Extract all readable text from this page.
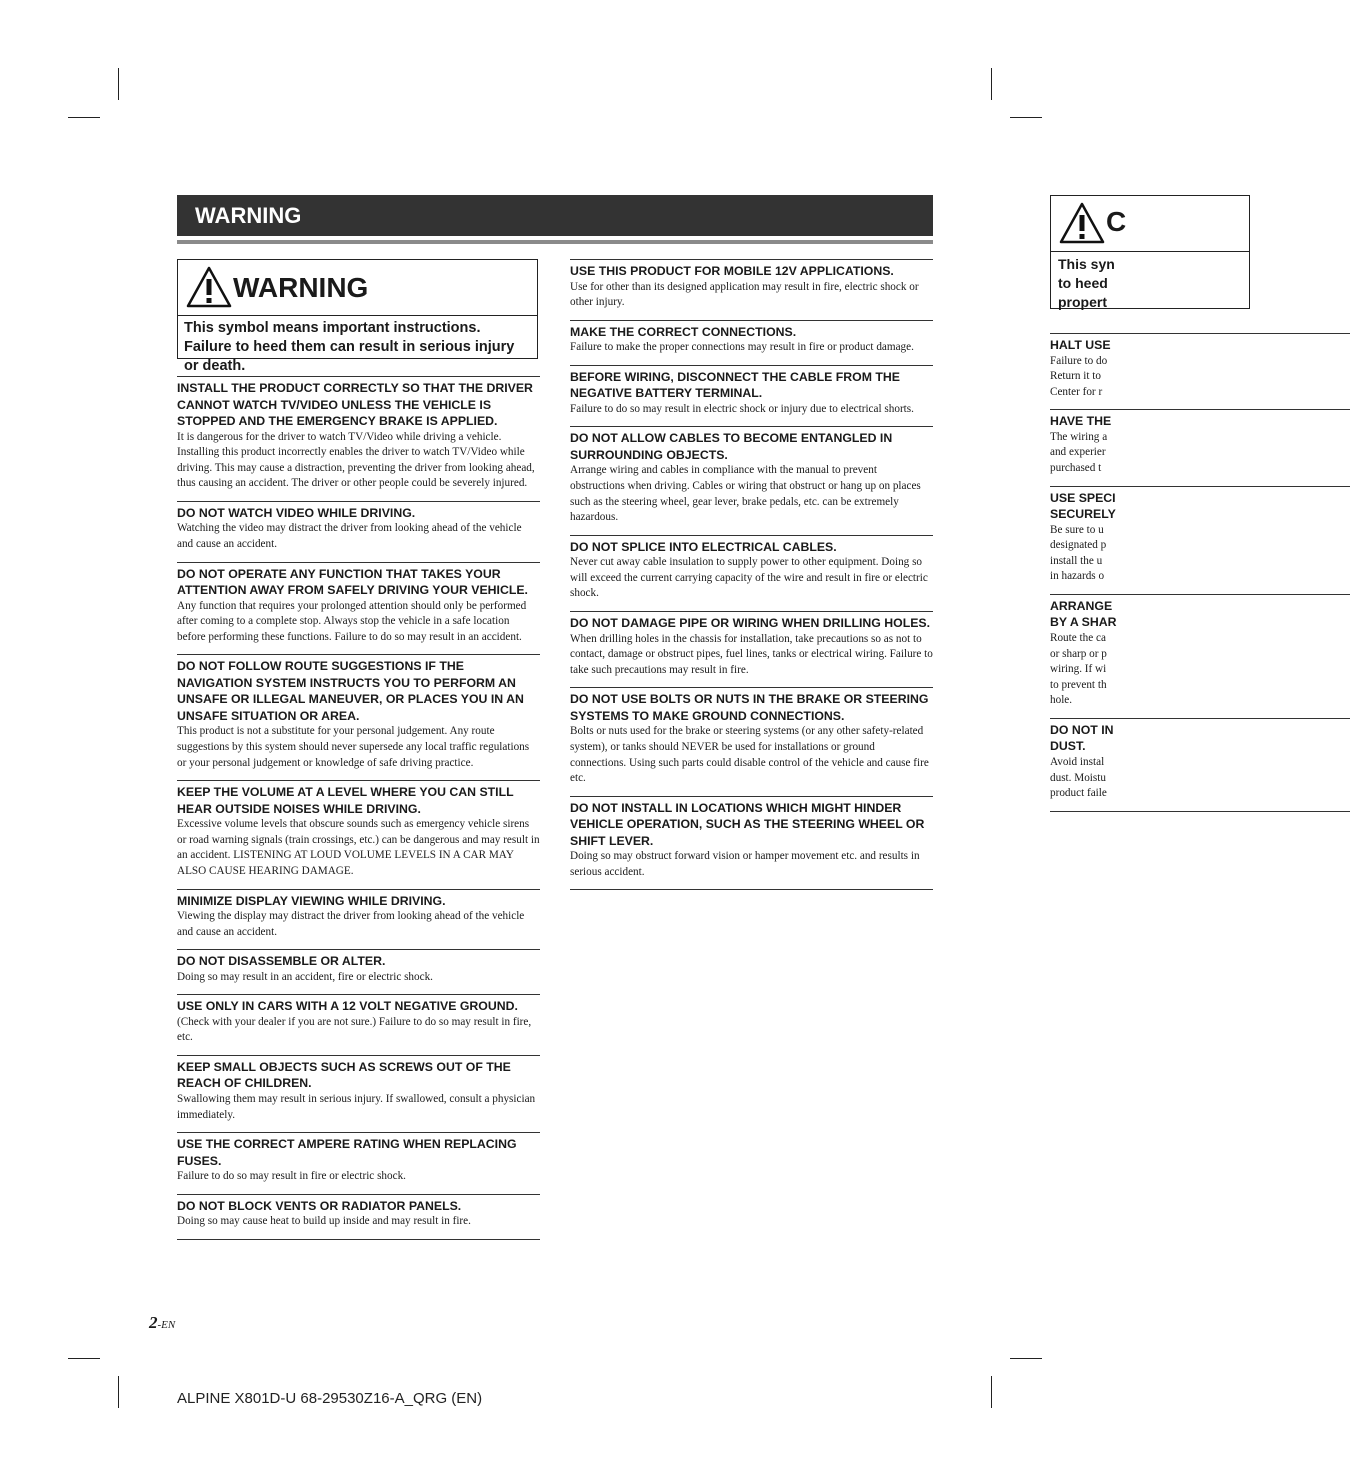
WARNING
WARNING
This symbol means important instructions. Failure to heed them can result in serious injury or death.
INSTALL THE PRODUCT CORRECTLY SO THAT THE DRIVER CANNOT WATCH TV/VIDEO UNLESS THE VEHICLE IS STOPPED AND THE EMERGENCY BRAKE IS APPLIED.

It is dangerous for the driver to watch TV/Video while driving a vehicle. Installing this product incorrectly enables the driver to watch TV/Video while driving. This may cause a distraction, preventing the driver from looking ahead, thus causing an accident. The driver or other people could be severely injured.

DO NOT WATCH VIDEO WHILE DRIVING.

Watching the video may distract the driver from looking ahead of the vehicle and cause an accident.

DO NOT OPERATE ANY FUNCTION THAT TAKES YOUR ATTENTION AWAY FROM SAFELY DRIVING YOUR VEHICLE.

Any function that requires your prolonged attention should only be performed after coming to a complete stop. Always stop the vehicle in a safe location before performing these functions. Failure to do so may result in an accident.

DO NOT FOLLOW ROUTE SUGGESTIONS IF THE NAVIGATION SYSTEM INSTRUCTS YOU TO PERFORM AN UNSAFE OR ILLEGAL MANEUVER, OR PLACES YOU IN AN UNSAFE SITUATION OR AREA.

This product is not a substitute for your personal judgement. Any route suggestions by this system should never supersede any local traffic regulations or your personal judgement or knowledge of safe driving practice.

KEEP THE VOLUME AT A LEVEL WHERE YOU CAN STILL HEAR OUTSIDE NOISES WHILE DRIVING.

Excessive volume levels that obscure sounds such as emergency vehicle sirens or road warning signals (train crossings, etc.) can be dangerous and may result in an accident. LISTENING AT LOUD VOLUME LEVELS IN A CAR MAY ALSO CAUSE HEARING DAMAGE.

MINIMIZE DISPLAY VIEWING WHILE DRIVING.

Viewing the display may distract the driver from looking ahead of the vehicle and cause an accident.

DO NOT DISASSEMBLE OR ALTER.

Doing so may result in an accident, fire or electric shock.

USE ONLY IN CARS WITH A 12 VOLT NEGATIVE GROUND.

(Check with your dealer if you are not sure.) Failure to do so may result in fire, etc.

KEEP SMALL OBJECTS SUCH AS SCREWS OUT OF THE REACH OF CHILDREN.

Swallowing them may result in serious injury. If swallowed, consult a physician immediately.

USE THE CORRECT AMPERE RATING WHEN REPLACING FUSES.

Failure to do so may result in fire or electric shock.

DO NOT BLOCK VENTS OR RADIATOR PANELS.

Doing so may cause heat to build up inside and may result in fire.

USE THIS PRODUCT FOR MOBILE 12V APPLICATIONS.

Use for other than its designed application may result in fire, electric shock or other injury.

MAKE THE CORRECT CONNECTIONS.

Failure to make the proper connections may result in fire or product damage.

BEFORE WIRING, DISCONNECT THE CABLE FROM THE NEGATIVE BATTERY TERMINAL.

Failure to do so may result in electric shock or injury due to electrical shorts.

DO NOT ALLOW CABLES TO BECOME ENTANGLED IN SURROUNDING OBJECTS.

Arrange wiring and cables in compliance with the manual to prevent obstructions when driving. Cables or wiring that obstruct or hang up on places such as the steering wheel, gear lever, brake pedals, etc. can be extremely hazardous.

DO NOT SPLICE INTO ELECTRICAL CABLES.

Never cut away cable insulation to supply power to other equipment. Doing so will exceed the current carrying capacity of the wire and result in fire or electric shock.

DO NOT DAMAGE PIPE OR WIRING WHEN DRILLING HOLES.

When drilling holes in the chassis for installation, take precautions so as not to contact, damage or obstruct pipes, fuel lines, tanks or electrical wiring. Failure to take such precautions may result in fire.

DO NOT USE BOLTS OR NUTS IN THE BRAKE OR STEERING SYSTEMS TO MAKE GROUND CONNECTIONS.

Bolts or nuts used for the brake or steering systems (or any other safety-related system), or tanks should NEVER be used for installations or ground connections. Using such parts could disable control of the vehicle and cause fire etc.

DO NOT INSTALL IN LOCATIONS WHICH MIGHT HINDER VEHICLE OPERATION, SUCH AS THE STEERING WHEEL OR SHIFT LEVER.

Doing so may obstruct forward vision or hamper movement etc. and results in serious accident.

C
This syn
to heed
propert
HALT USE

Failure to do

Return it to

Center for r

HAVE THE

The wiring a

and experier

purchased t

USE SPECI
SECURELY

Be sure to u

designated p

install the u

in hazards o

ARRANGE
BY A SHAR

Route the ca

or sharp or p

wiring. If wi

to prevent th

hole.

DO NOT IN
DUST.

Avoid instal

dust. Moistu

product faile

2-EN
ALPINE X801D-U 68-29530Z16-A_QRG (EN)
